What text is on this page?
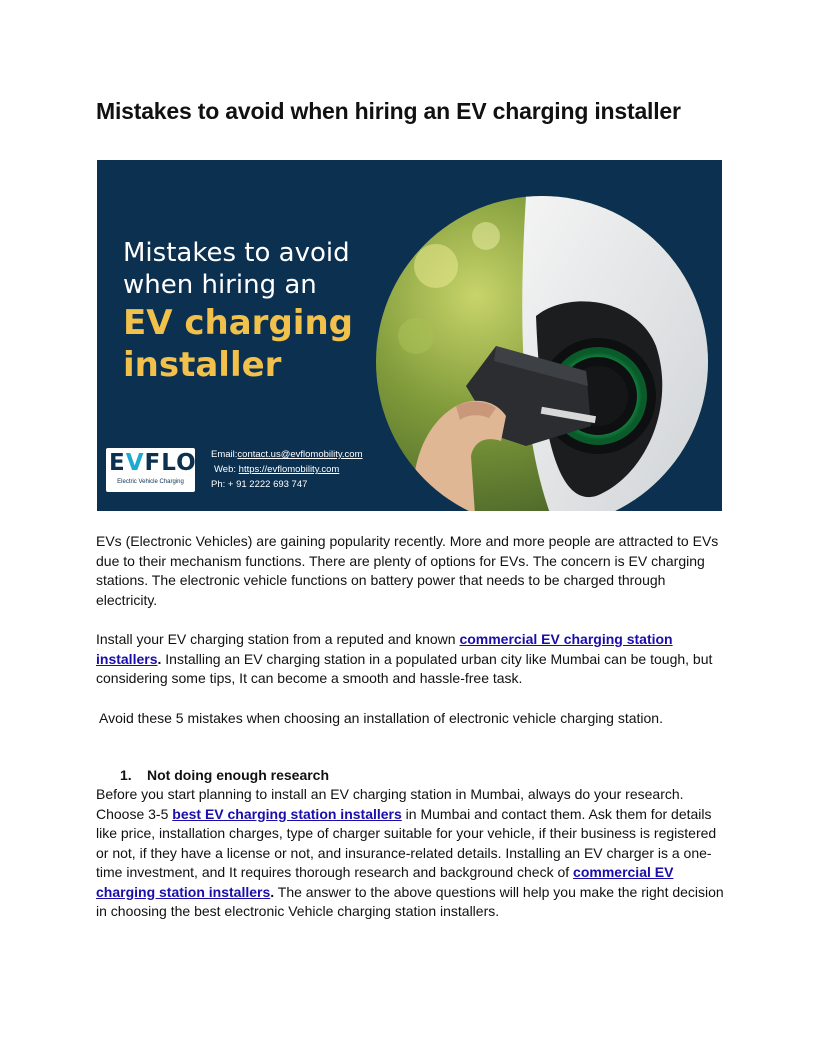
Mistakes to avoid when hiring an EV charging installer
Mistakes to avoid
when hiring an
EV charging
installer
EVFLO
Electric Vehicle Charging
Email:contact.us@evflomobility.com
Web: https://evflomobility.com
Ph: + 91 2222 693 747

EVs (Electronic Vehicles) are gaining popularity recently. More and more people are attracted to EVs due to their mechanism functions. There are plenty of options for EVs. The concern is EV charging stations. The electronic vehicle functions on battery power that needs to be charged through electricity.

Install your EV charging station from a reputed and known commercial EV charging station installers. Installing an EV charging station in a populated urban city like Mumbai can be tough, but considering some tips, It can become a smooth and hassle-free task.

Avoid these 5 mistakes when choosing an installation of electronic vehicle charging station.

1. Not doing enough research

Before you start planning to install an EV charging station in Mumbai, always do your research. Choose 3-5 best EV charging station installers in Mumbai and contact them. Ask them for details like price, installation charges, type of charger suitable for your vehicle, if their business is registered or not, if they have a license or not, and insurance-related details. Installing an EV charger is a one-time investment, and It requires thorough research and background check of commercial EV charging station installers. The answer to the above questions will help you make the right decision in choosing the best electronic Vehicle charging station installers.
